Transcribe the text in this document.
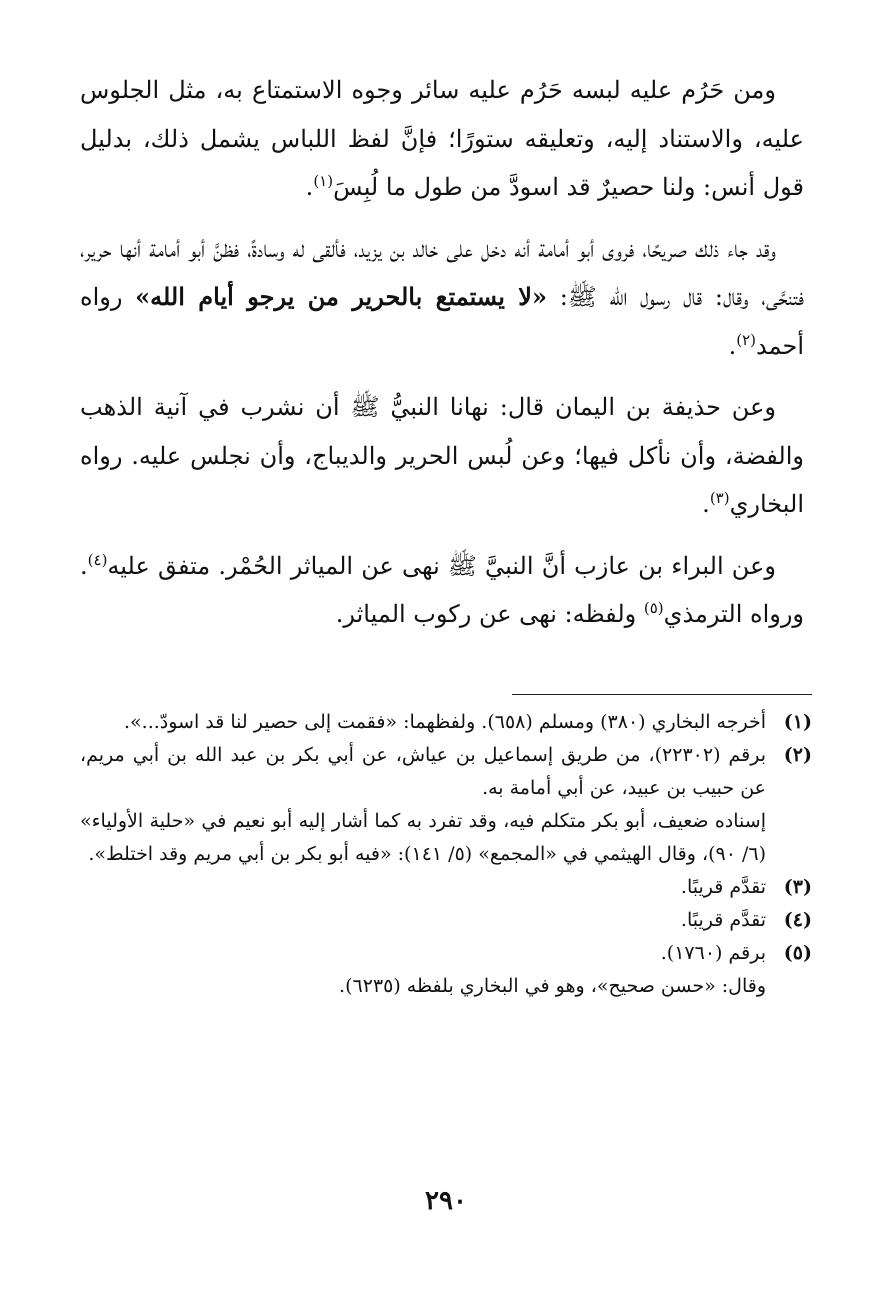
ومن حَرُم عليه لبسه حَرُم عليه سائر وجوه الاستمتاع به، مثل الجلوس عليه، والاستناد إليه، وتعليقه ستورًا؛ فإنَّ لفظ اللباس يشمل ذلك، بدليل قول أنس: ولنا حصيرٌ قد اسودَّ من طول ما لُبِسَ$^{(١)}$.

وقد جاء ذلك صريحًا، فروى أبو أمامة أنه دخل على خالد بن يزيد، فألقى له وسادةً، فظنَّ أبو أمامة أنها حرير، فتنحَّى، وقال: قال رسول الله ﷺ: «لا يستمتع بالحرير من يرجو أيام الله» رواه أحمد$^{(٢)}$.

وعن حذيفة بن اليمان قال: نهانا النبيُّ ﷺ أن نشرب في آنية الذهب والفضة، وأن نأكل فيها؛ وعن لُبس الحرير والديباج، وأن نجلس عليه. رواه البخاري$^{(٣)}$.

وعن البراء بن عازب أنَّ النبيَّ ﷺ نهى عن المياثر الحُمْر. متفق عليه$^{(٤)}$. ورواه الترمذي$^{(٥)}$ ولفظه: نهى عن ركوب المياثر.

(١)
أخرجه البخاري (٣٨٠) ومسلم (٦٥٨). ولفظهما: «فقمت إلى حصير لنا قد اسودّ...».
(٢)
برقم (٢٢٣٠٢)، من طريق إسماعيل بن عياش، عن أبي بكر بن عبد الله بن أبي مريم، عن حبيب بن عبيد، عن أبي أمامة به.
إسناده ضعيف، أبو بكر متكلم فيه، وقد تفرد به كما أشار إليه أبو نعيم في «حلية الأولياء» (٦/ ٩٠)، وقال الهيثمي في «المجمع» (٥/ ١٤١): «فيه أبو بكر بن أبي مريم وقد اختلط».
(٣)
تقدَّم قريبًا.
(٤)
تقدَّم قريبًا.
(٥)
برقم (١٧٦٠).
وقال: «حسن صحيح»، وهو في البخاري بلفظه (٦٢٣٥).
٢٩٠
